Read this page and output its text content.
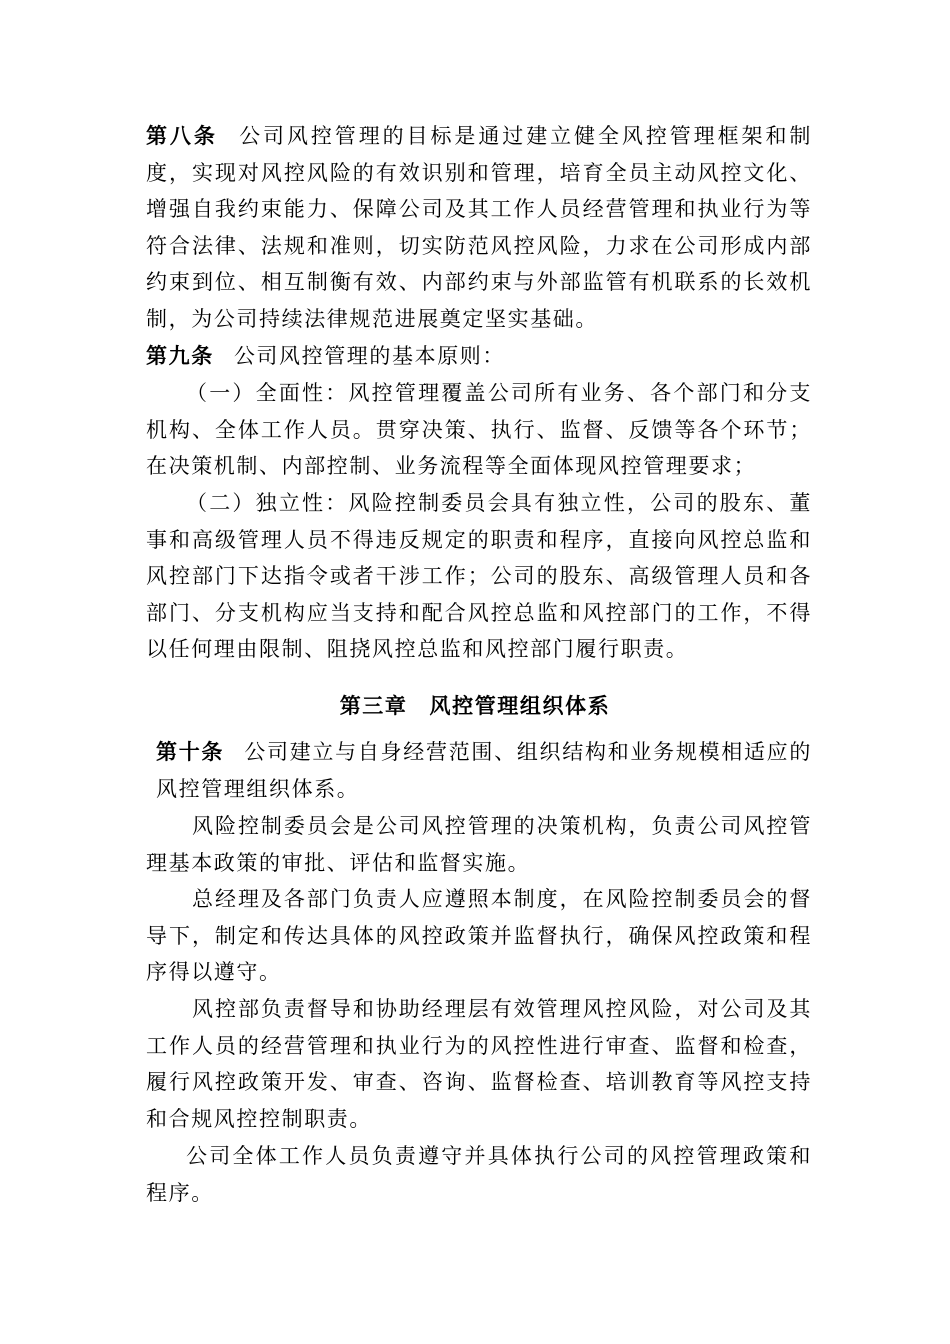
第八条 公司风控管理的目标是通过建立健全风控管理框架和制度，实现对风控风险的有效识别和管理，培育全员主动风控文化、增强自我约束能力、保障公司及其工作人员经营管理和执业行为等符合法律、法规和准则，切实防范风控风险，力求在公司形成内部约束到位、相互制衡有效、内部约束与外部监管有机联系的长效机制，为公司持续法律规范进展奠定坚实基础。

第九条 公司风控管理的基本原则：

（一）全面性：风控管理覆盖公司所有业务、各个部门和分支机构、全体工作人员。贯穿决策、执行、监督、反馈等各个环节；在决策机制、内部控制、业务流程等全面体现风控管理要求；

（二）独立性：风险控制委员会具有独立性，公司的股东、董事和高级管理人员不得违反规定的职责和程序，直接向风控总监和风控部门下达指令或者干涉工作；公司的股东、高级管理人员和各部门、分支机构应当支持和配合风控总监和风控部门的工作，不得以任何理由限制、阻挠风控总监和风控部门履行职责。

第三章 风控管理组织体系

第十条 公司建立与自身经营范围、组织结构和业务规模相适应的风控管理组织体系。

风险控制委员会是公司风控管理的决策机构，负责公司风控管理基本政策的审批、评估和监督实施。

总经理及各部门负责人应遵照本制度，在风险控制委员会的督导下，制定和传达具体的风控政策并监督执行，确保风控政策和程序得以遵守。

风控部负责督导和协助经理层有效管理风控风险，对公司及其工作人员的经营管理和执业行为的风控性进行审查、监督和检查，履行风控政策开发、审查、咨询、监督检查、培训教育等风控支持和合规风控控制职责。

公司全体工作人员负责遵守并具体执行公司的风控管理政策和程序。
